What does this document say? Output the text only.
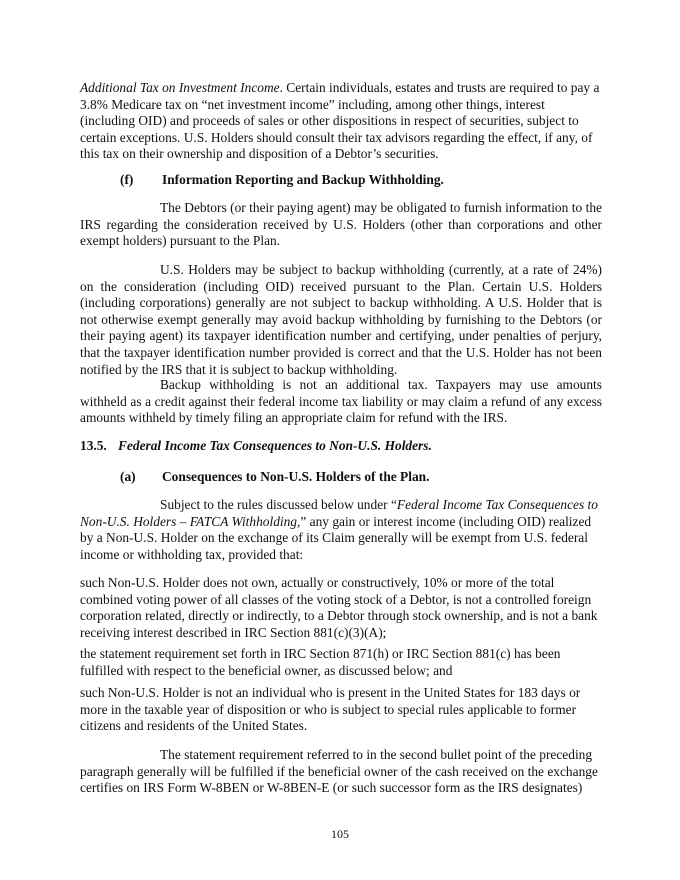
Additional Tax on Investment Income. Certain individuals, estates and trusts are required to pay a 3.8% Medicare tax on “net investment income” including, among other things, interest (including OID) and proceeds of sales or other dispositions in respect of securities, subject to certain exceptions. U.S. Holders should consult their tax advisors regarding the effect, if any, of this tax on their ownership and disposition of a Debtor’s securities.

(f) Information Reporting and Backup Withholding.

The Debtors (or their paying agent) may be obligated to furnish information to the IRS regarding the consideration received by U.S. Holders (other than corporations and other exempt holders) pursuant to the Plan.

U.S. Holders may be subject to backup withholding (currently, at a rate of 24%) on the consideration (including OID) received pursuant to the Plan. Certain U.S. Holders (including corporations) generally are not subject to backup withholding. A U.S. Holder that is not otherwise exempt generally may avoid backup withholding by furnishing to the Debtors (or their paying agent) its taxpayer identification number and certifying, under penalties of perjury, that the taxpayer identification number provided is correct and that the U.S. Holder has not been notified by the IRS that it is subject to backup withholding.

Backup withholding is not an additional tax. Taxpayers may use amounts withheld as a credit against their federal income tax liability or may claim a refund of any excess amounts withheld by timely filing an appropriate claim for refund with the IRS.

13.5. Federal Income Tax Consequences to Non-U.S. Holders.

(a) Consequences to Non-U.S. Holders of the Plan.

Subject to the rules discussed below under “Federal Income Tax Consequences to Non-U.S. Holders – FATCA Withholding,” any gain or interest income (including OID) realized by a Non-U.S. Holder on the exchange of its Claim generally will be exempt from U.S. federal income or withholding tax, provided that:

such Non-U.S. Holder does not own, actually or constructively, 10% or more of the total combined voting power of all classes of the voting stock of a Debtor, is not a controlled foreign corporation related, directly or indirectly, to a Debtor through stock ownership, and is not a bank receiving interest described in IRC Section 881(c)(3)(A);

the statement requirement set forth in IRC Section 871(h) or IRC Section 881(c) has been fulfilled with respect to the beneficial owner, as discussed below; and

such Non-U.S. Holder is not an individual who is present in the United States for 183 days or more in the taxable year of disposition or who is subject to special rules applicable to former citizens and residents of the United States.

The statement requirement referred to in the second bullet point of the preceding paragraph generally will be fulfilled if the beneficial owner of the cash received on the exchange certifies on IRS Form W-8BEN or W-8BEN-E (or such successor form as the IRS designates)

105
